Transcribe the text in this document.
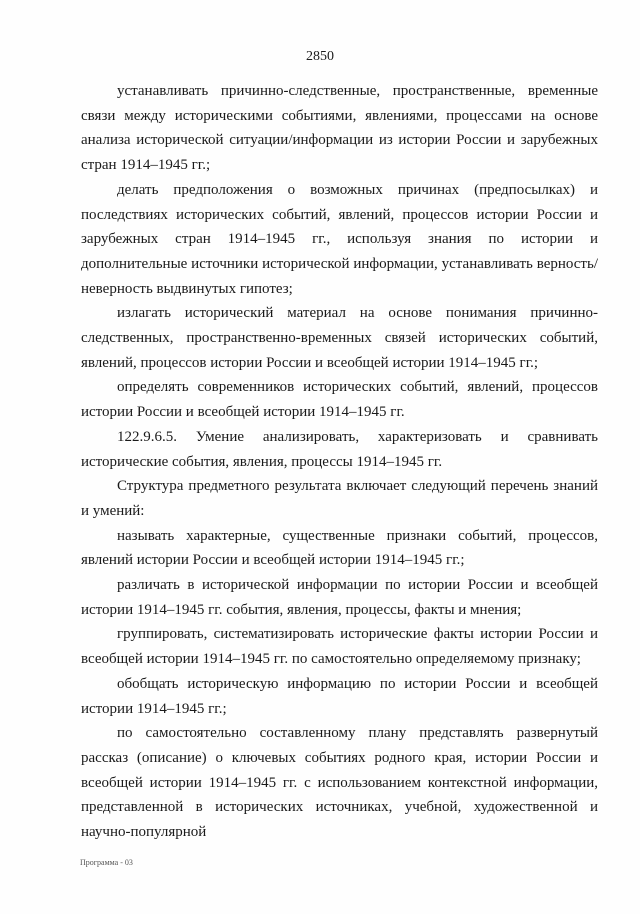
2850

устанавливать причинно-следственные, пространственные, временные связи между историческими событиями, явлениями, процессами на основе анализа исторической ситуации/информации из истории России и зарубежных стран 1914–1945 гг.;

делать предположения о возможных причинах (предпосылках) и последствиях исторических событий, явлений, процессов истории России и зарубежных стран 1914–1945 гг., используя знания по истории и дополнительные источники исторической информации, устанавливать верность/неверность выдвинутых гипотез;

излагать исторический материал на основе понимания причинно-следственных, пространственно-временных связей исторических событий, явлений, процессов истории России и всеобщей истории 1914–1945 гг.;

определять современников исторических событий, явлений, процессов истории России и всеобщей истории 1914–1945 гг.

122.9.6.5. Умение анализировать, характеризовать и сравнивать исторические события, явления, процессы 1914–1945 гг.

Структура предметного результата включает следующий перечень знаний и умений:

называть характерные, существенные признаки событий, процессов, явлений истории России и всеобщей истории 1914–1945 гг.;

различать в исторической информации по истории России и всеобщей истории 1914–1945 гг. события, явления, процессы, факты и мнения;

группировать, систематизировать исторические факты истории России и всеобщей истории 1914–1945 гг. по самостоятельно определяемому признаку;

обобщать историческую информацию по истории России и всеобщей истории 1914–1945 гг.;

по самостоятельно составленному плану представлять развернутый рассказ (описание) о ключевых событиях родного края, истории России и всеобщей истории 1914–1945 гг. с использованием контекстной информации, представленной в исторических источниках, учебной, художественной и научно-популярной

Программа - 03
